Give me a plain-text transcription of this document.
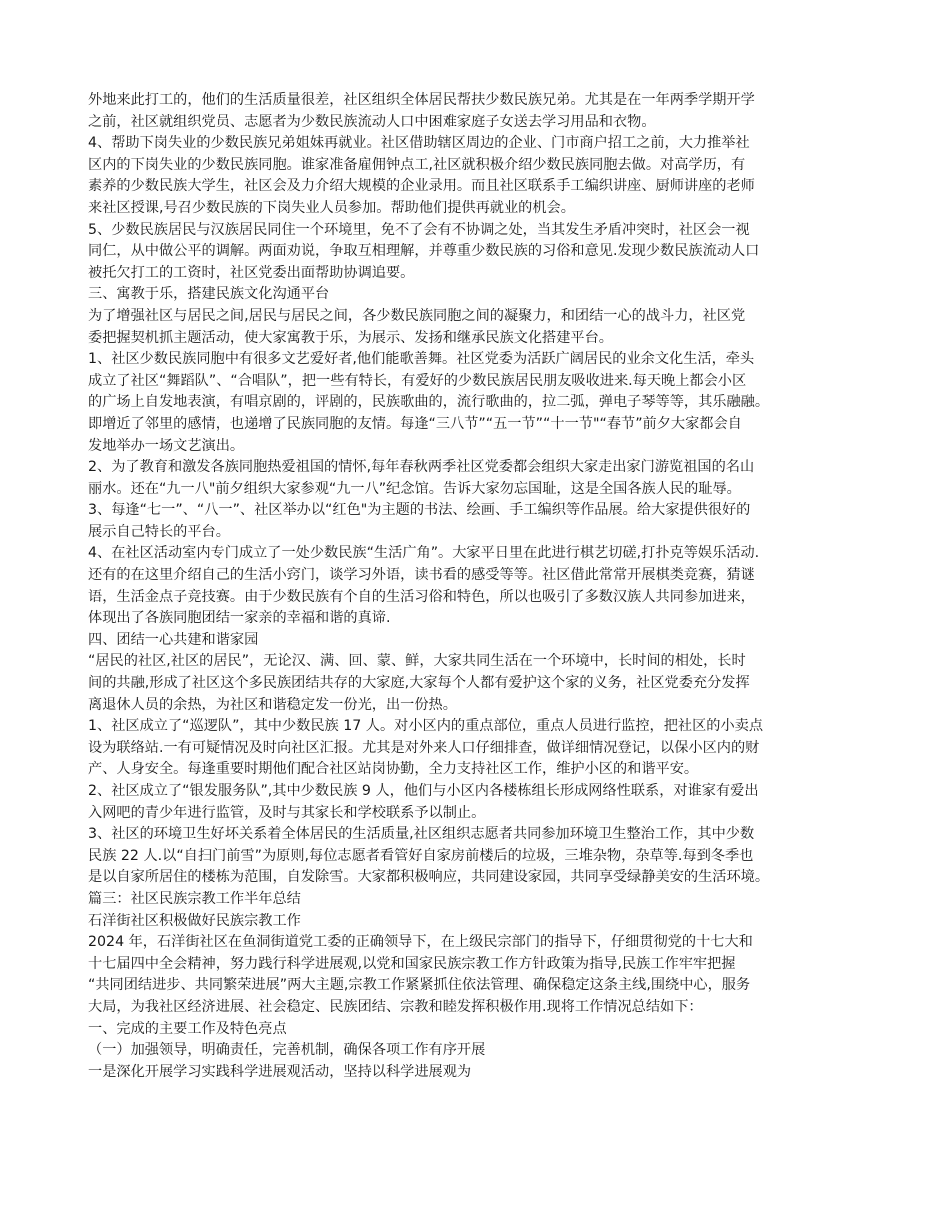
外地来此打工的，他们的生活质量很差，社区组织全体居民帮扶少数民族兄弟。尤其是在一年两季学期开学
之前，社区就组织党员、志愿者为少数民族流动人口中困难家庭子女送去学习用品和衣物。
4、帮助下岗失业的少数民族兄弟姐妹再就业。社区借助辖区周边的企业、门市商户招工之前，大力推举社
区内的下岗失业的少数民族同胞。谁家准备雇佣钟点工,社区就积极介绍少数民族同胞去做。对高学历，有
素养的少数民族大学生，社区会及力介绍大规模的企业录用。而且社区联系手工编织讲座、厨师讲座的老师
来社区授课,号召少数民族的下岗失业人员参加。帮助他们提供再就业的机会。
5、少数民族居民与汉族居民同住一个环境里，免不了会有不协调之处，当其发生矛盾冲突时，社区会一视
同仁，从中做公平的调解。两面劝说，争取互相理解，并尊重少数民族的习俗和意见.发现少数民族流动人口
被托欠打工的工资时，社区党委出面帮助协调追要。
三、寓教于乐，搭建民族文化沟通平台
为了增强社区与居民之间,居民与居民之间，各少数民族同胞之间的凝聚力，和团结一心的战斗力，社区党
委把握契机抓主题活动，使大家寓教于乐，为展示、发扬和继承民族文化搭建平台。
1、社区少数民族同胞中有很多文艺爱好者,他们能歌善舞。社区党委为活跃广阔居民的业余文化生活，牵头
成立了社区“舞蹈队”、“合唱队”，把一些有特长，有爱好的少数民族居民朋友吸收进来.每天晚上都会小区
的广场上自发地表演，有唱京剧的，评剧的，民族歌曲的，流行歌曲的，拉二弧，弹电子琴等等，其乐融融。
即增近了邻里的感情，也递增了民族同胞的友情。每逢“三八节”“五一节”“十一节"“春节”前夕大家都会自
发地举办一场文艺演出。
2、为了教育和激发各族同胞热爱祖国的情怀,每年春秋两季社区党委都会组织大家走出家门游览祖国的名山
丽水。还在“九一八"前夕组织大家参观“九一八”纪念馆。告诉大家勿忘国耻，这是全国各族人民的耻辱。
3、每逢“七一”、“八一”、社区举办以“红色"为主题的书法、绘画、手工编织等作品展。给大家提供很好的
展示自己特长的平台。
4、在社区活动室内专门成立了一处少数民族“生活广角”。大家平日里在此进行棋艺切磋,打扑克等娱乐活动.
还有的在这里介绍自己的生活小窍门，谈学习外语，读书看的感受等等。社区借此常常开展棋类竞赛，猜谜
语，生活金点子竞技赛。由于少数民族有个自的生活习俗和特色，所以也吸引了多数汉族人共同参加进来，
体现出了各族同胞团结一家亲的幸福和谐的真谛.
四、团结一心共建和谐家园
“居民的社区,社区的居民”，无论汉、满、回、蒙、鲜，大家共同生活在一个环境中，长时间的相处，长时
间的共融,形成了社区这个多民族团结共存的大家庭,大家每个人都有爱护这个家的义务，社区党委充分发挥
离退休人员的余热，为社区和谐稳定发一份光，出一份热。
1、社区成立了“巡逻队”，其中少数民族 17 人。对小区内的重点部位，重点人员进行监控，把社区的小卖点
设为联络站.一有可疑情况及时向社区汇报。尤其是对外来人口仔细排查，做详细情况登记，以保小区内的财
产、人身安全。每逢重要时期他们配合社区站岗协勤，全力支持社区工作，维护小区的和谐平安。
2、社区成立了“银发服务队”,其中少数民族 9 人，他们与小区内各楼栋组长形成网络性联系，对谁家有爱出
入网吧的青少年进行监管，及时与其家长和学校联系予以制止。
3、社区的环境卫生好坏关系着全体居民的生活质量,社区组织志愿者共同参加环境卫生整治工作，其中少数
民族 22 人.以“自扫门前雪”为原则,每位志愿者看管好自家房前楼后的垃圾，三堆杂物，杂草等.每到冬季也
是以自家所居住的楼栋为范围，自发除雪。大家都积极响应，共同建设家园，共同享受绿静美安的生活环境。
篇三：社区民族宗教工作半年总结
石洋街社区积极做好民族宗教工作
2024 年，石洋街社区在鱼洞街道党工委的正确领导下，在上级民宗部门的指导下，仔细贯彻党的十七大和
十七届四中全会精神，努力践行科学进展观,以党和国家民族宗教工作方针政策为指导,民族工作牢牢把握
“共同团结进步、共同繁荣进展”两大主题,宗教工作紧紧抓住依法管理、确保稳定这条主线,围绕中心，服务
大局，为我社区经济进展、社会稳定、民族团结、宗教和睦发挥积极作用.现将工作情况总结如下：
一、完成的主要工作及特色亮点
（一）加强领导，明确责任，完善机制，确保各项工作有序开展
一是深化开展学习实践科学进展观活动，坚持以科学进展观为
